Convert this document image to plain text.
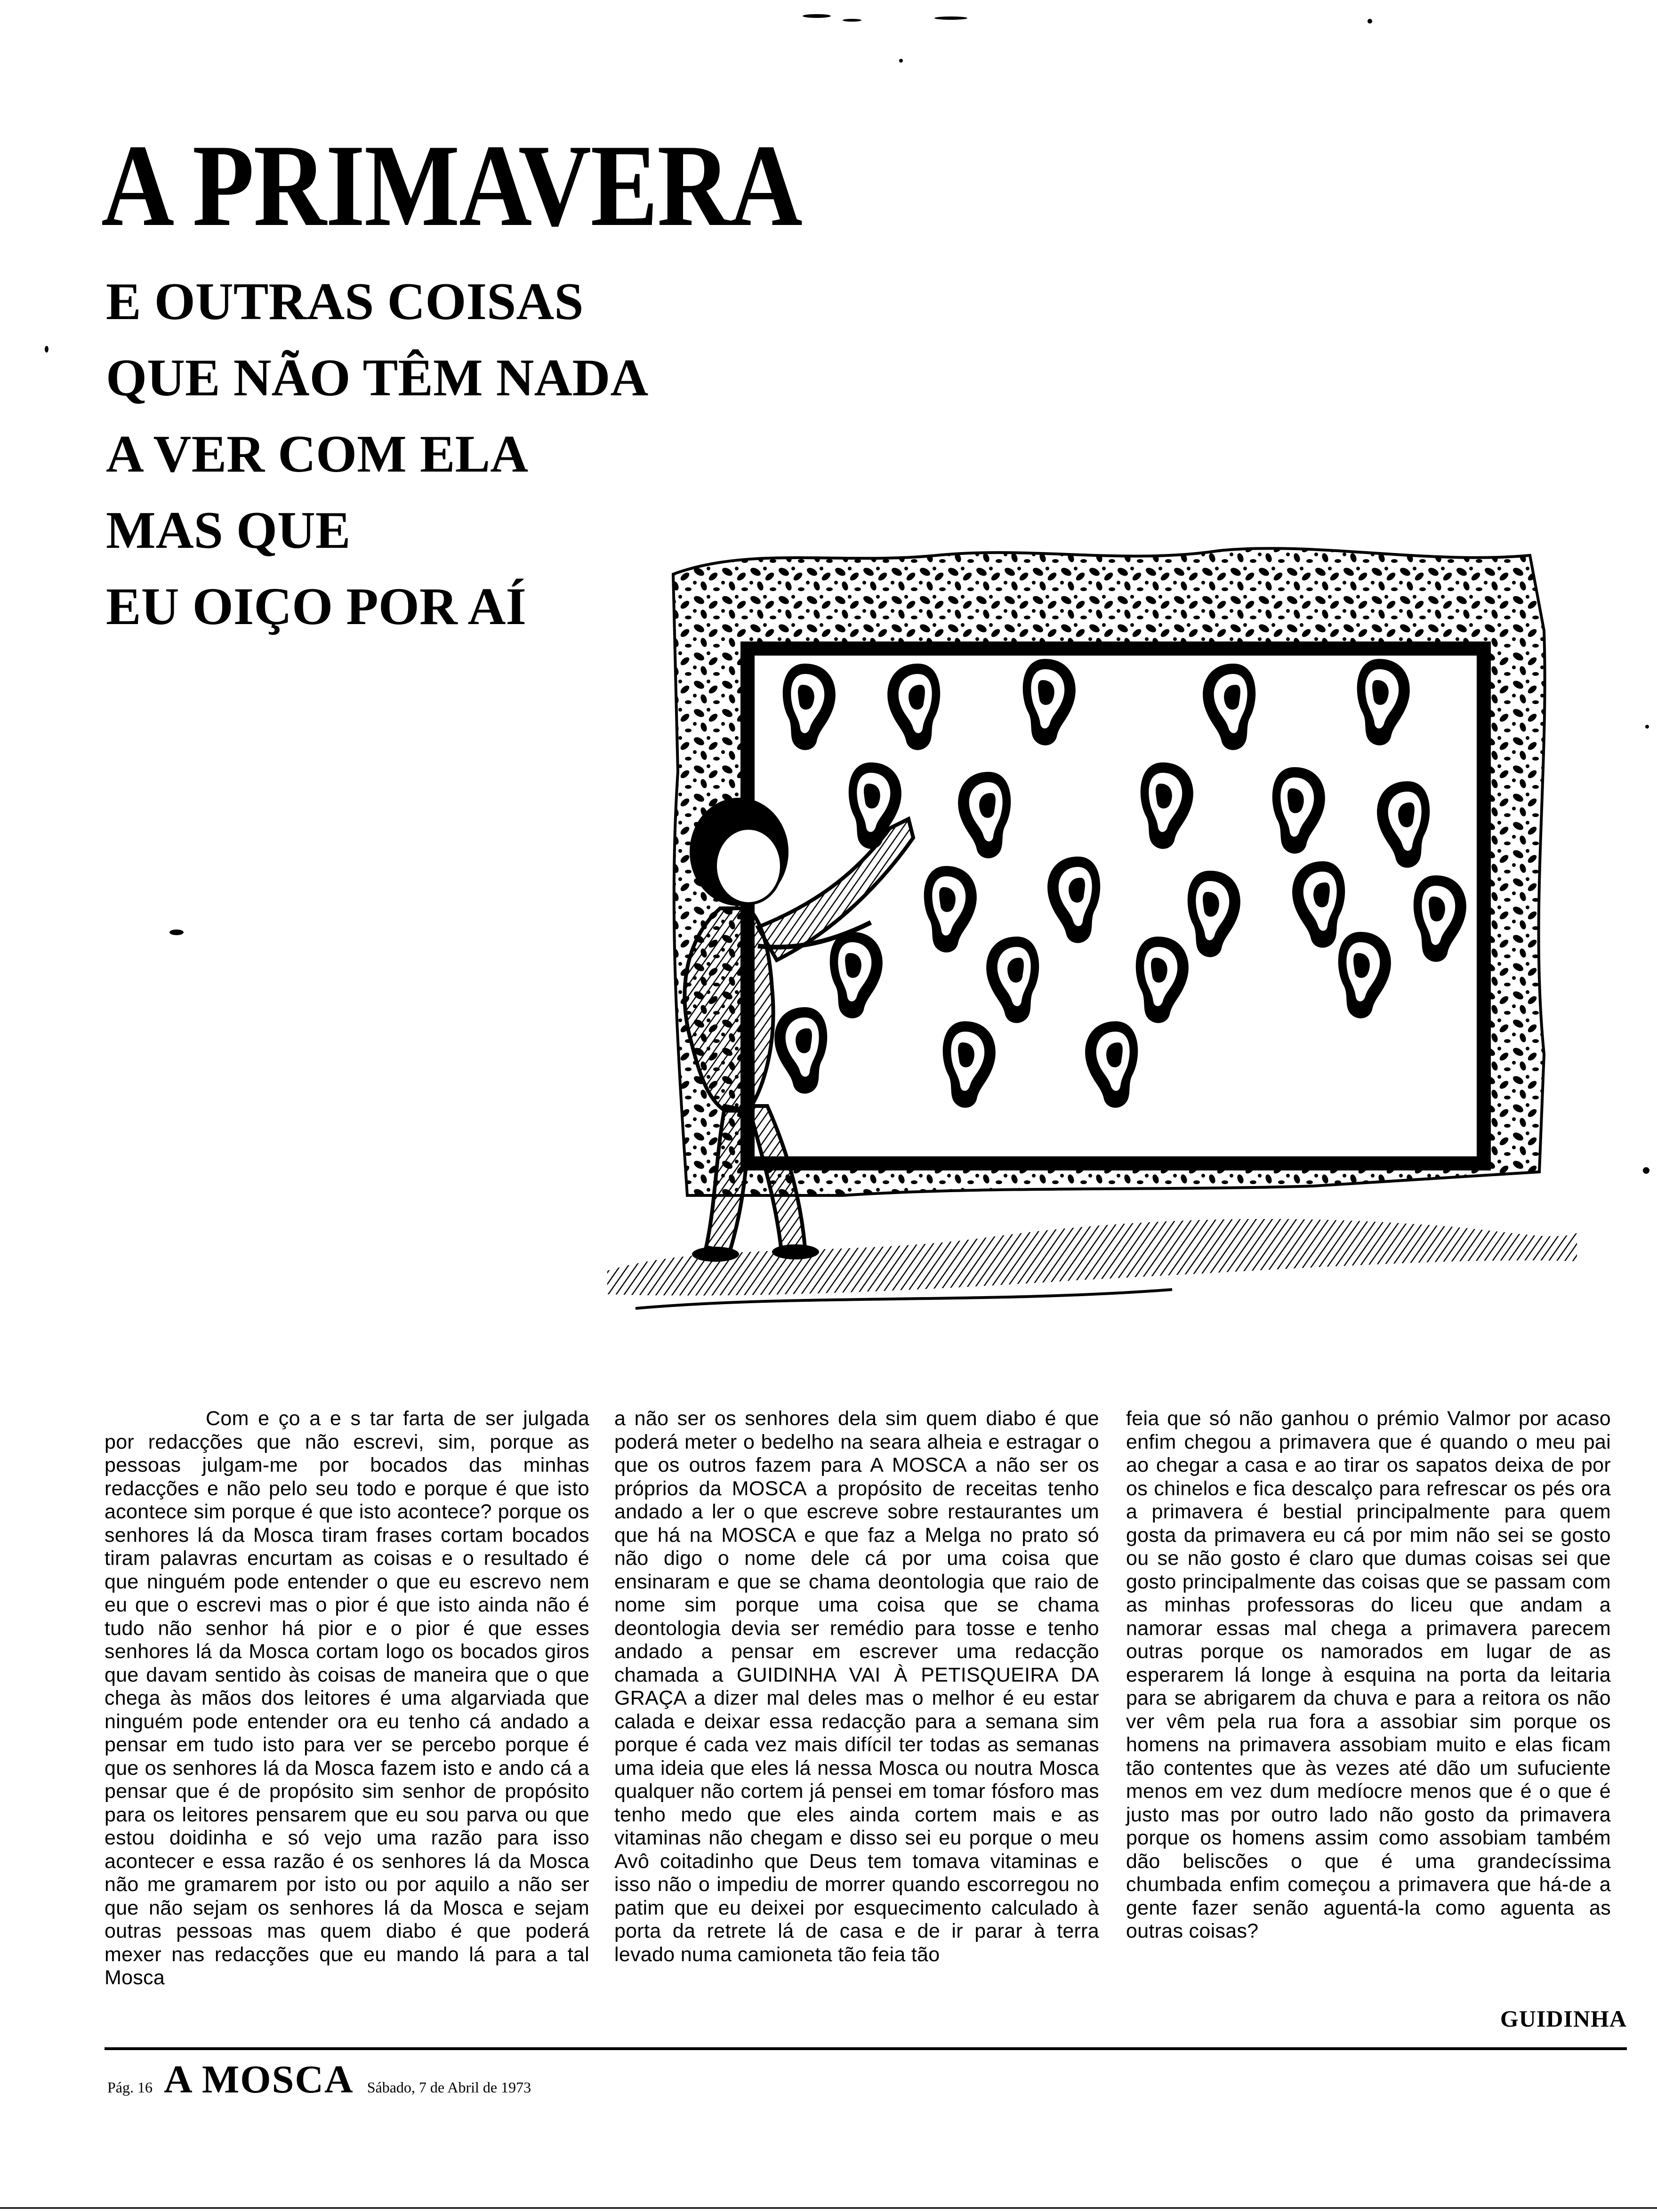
A PRIMAVERA
E OUTRAS COISAS
QUE NÃO TÊM NADA
A VER COM ELA
MAS QUE
EU OIÇO POR AÍ

Com e ço a e s tar farta de ser julgada por redacções que não escrevi, sim, porque as pessoas julgam-me por bocados das minhas redacções e não pelo seu todo e porque é que isto acontece sim porque é que isto acontece? porque os senhores lá da Mosca tiram frases cortam bocados tiram palavras encurtam as coisas e o resultado é que ninguém pode entender o que eu escrevo nem eu que o escrevi mas o pior é que isto ainda não é tudo não senhor há pior e o pior é que esses senhores lá da Mosca cortam logo os bocados giros que davam sentido às coisas de maneira que o que chega às mãos dos leitores é uma algarviada que ninguém pode entender ora eu tenho cá andado a pensar em tudo isto para ver se percebo porque é que os senhores lá da Mosca fazem isto e ando cá a pensar que é de propósito sim senhor de propósito para os leitores pensarem que eu sou parva ou que estou doidinha e só vejo uma razão para isso acontecer e essa razão é os senhores lá da Mosca não me gramarem por isto ou por aquilo a não ser que não sejam os senhores lá da Mosca e sejam outras pessoas mas quem diabo é que poderá mexer nas redacções que eu mando lá para a tal Mosca

a não ser os senhores dela sim quem diabo é que poderá meter o bedelho na seara alheia e estragar o que os outros fazem para A MOSCA a não ser os próprios da MOSCA a propósito de receitas tenho andado a ler o que escreve sobre restaurantes um que há na MOSCA e que faz a Melga no prato só não digo o nome dele cá por uma coisa que ensinaram e que se chama deontologia que raio de nome sim porque uma coisa que se chama deontologia devia ser remédio para tosse e tenho andado a pensar em escrever uma redacção chamada a GUIDINHA VAI À PETISQUEIRA DA GRAÇA a dizer mal deles mas o melhor é eu estar calada e deixar essa redacção para a semana sim porque é cada vez mais difícil ter todas as semanas uma ideia que eles lá nessa Mosca ou noutra Mosca qualquer não cortem já pensei em tomar fósforo mas tenho medo que eles ainda cortem mais e as vitaminas não chegam e disso sei eu porque o meu Avô coitadinho que Deus tem tomava vitaminas e isso não o impediu de morrer quando escorregou no patim que eu deixei por esquecimento calculado à porta da retrete lá de casa e de ir parar à terra levado numa camioneta tão feia tão

feia que só não ganhou o prémio Valmor por acaso enfim chegou a primavera que é quando o meu pai ao chegar a casa e ao tirar os sapatos deixa de por os chinelos e fica descalço para refrescar os pés ora a primavera é bestial principalmente para quem gosta da primavera eu cá por mim não sei se gosto ou se não gosto é claro que dumas coisas sei que gosto principalmente das coisas que se passam com as minhas professoras do liceu que andam a namorar essas mal chega a primavera parecem outras porque os namorados em lugar de as esperarem lá longe à esquina na porta da leitaria para se abrigarem da chuva e para a reitora os não ver vêm pela rua fora a assobiar sim porque os homens na primavera assobiam muito e elas ficam tão contentes que às vezes até dão um sufuciente menos em vez dum medíocre menos que é o que é justo mas por outro lado não gosto da primavera porque os homens assim como assobiam também dão beliscões o que é uma grandecíssima chumbada enfim começou a primavera que há-de a gente fazer senão aguentá-la como aguenta as outras coisas?

GUIDINHA
Pág. 16 A MOSCA Sábado, 7 de Abril de 1973
